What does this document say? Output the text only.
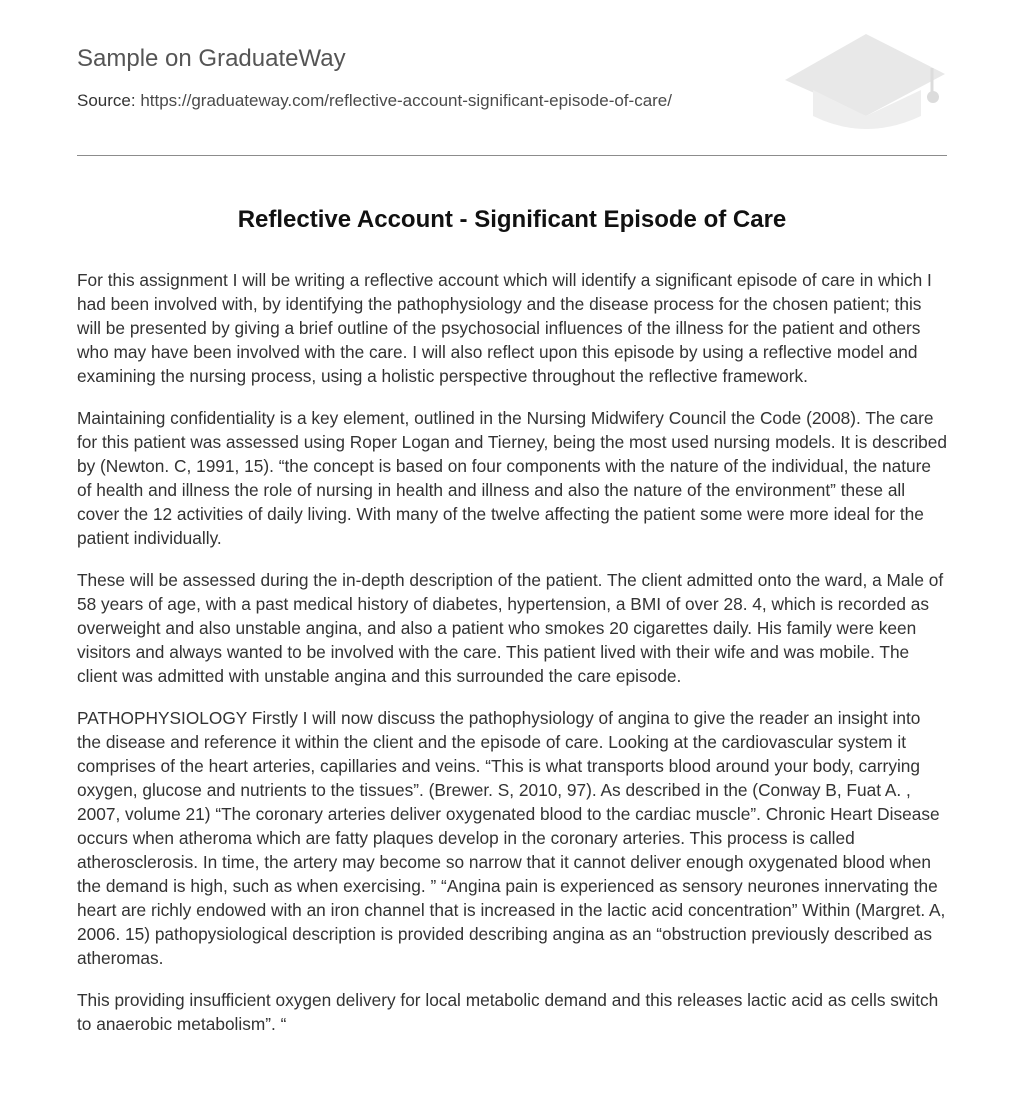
Sample on GraduateWay
Source: https://graduateway.com/reflective-account-significant-episode-of-care/
Reflective Account - Significant Episode of Care

For this assignment I will be writing a reflective account which will identify a significant episode of care in which I had been involved with, by identifying the pathophysiology and the disease process for the chosen patient; this will be presented by giving a brief outline of the psychosocial influences of the illness for the patient and others who may have been involved with the care. I will also reflect upon this episode by using a reflective model and examining the nursing process, using a holistic perspective throughout the reflective framework.

Maintaining confidentiality is a key element, outlined in the Nursing Midwifery Council the Code (2008). The care for this patient was assessed using Roper Logan and Tierney, being the most used nursing models. It is described by (Newton. C, 1991, 15). “the concept is based on four components with the nature of the individual, the nature of health and illness the role of nursing in health and illness and also the nature of the environment” these all cover the 12 activities of daily living. With many of the twelve affecting the patient some were more ideal for the patient individually.

These will be assessed during the in-depth description of the patient. The client admitted onto the ward, a Male of 58 years of age, with a past medical history of diabetes, hypertension, a BMI of over 28. 4, which is recorded as overweight and also unstable angina, and also a patient who smokes 20 cigarettes daily. His family were keen visitors and always wanted to be involved with the care. This patient lived with their wife and was mobile. The client was admitted with unstable angina and this surrounded the care episode.

PATHOPHYSIOLOGY Firstly I will now discuss the pathophysiology of angina to give the reader an insight into the disease and reference it within the client and the episode of care. Looking at the cardiovascular system it comprises of the heart arteries, capillaries and veins. “This is what transports blood around your body, carrying oxygen, glucose and nutrients to the tissues”. (Brewer. S, 2010, 97). As described in the (Conway B, Fuat A. , 2007, volume 21) “The coronary arteries deliver oxygenated blood to the cardiac muscle”. Chronic Heart Disease occurs when atheroma which are fatty plaques develop in the coronary arteries. This process is called atherosclerosis. In time, the artery may become so narrow that it cannot deliver enough oxygenated blood when the demand is high, such as when exercising. ” “Angina pain is experienced as sensory neurones innervating the heart are richly endowed with an iron channel that is increased in the lactic acid concentration” Within (Margret. A, 2006. 15) pathopysiological description is provided describing angina as an “obstruction previously described as atheromas.

This providing insufficient oxygen delivery for local metabolic demand and this releases lactic acid as cells switch to anaerobic metabolism”. “
